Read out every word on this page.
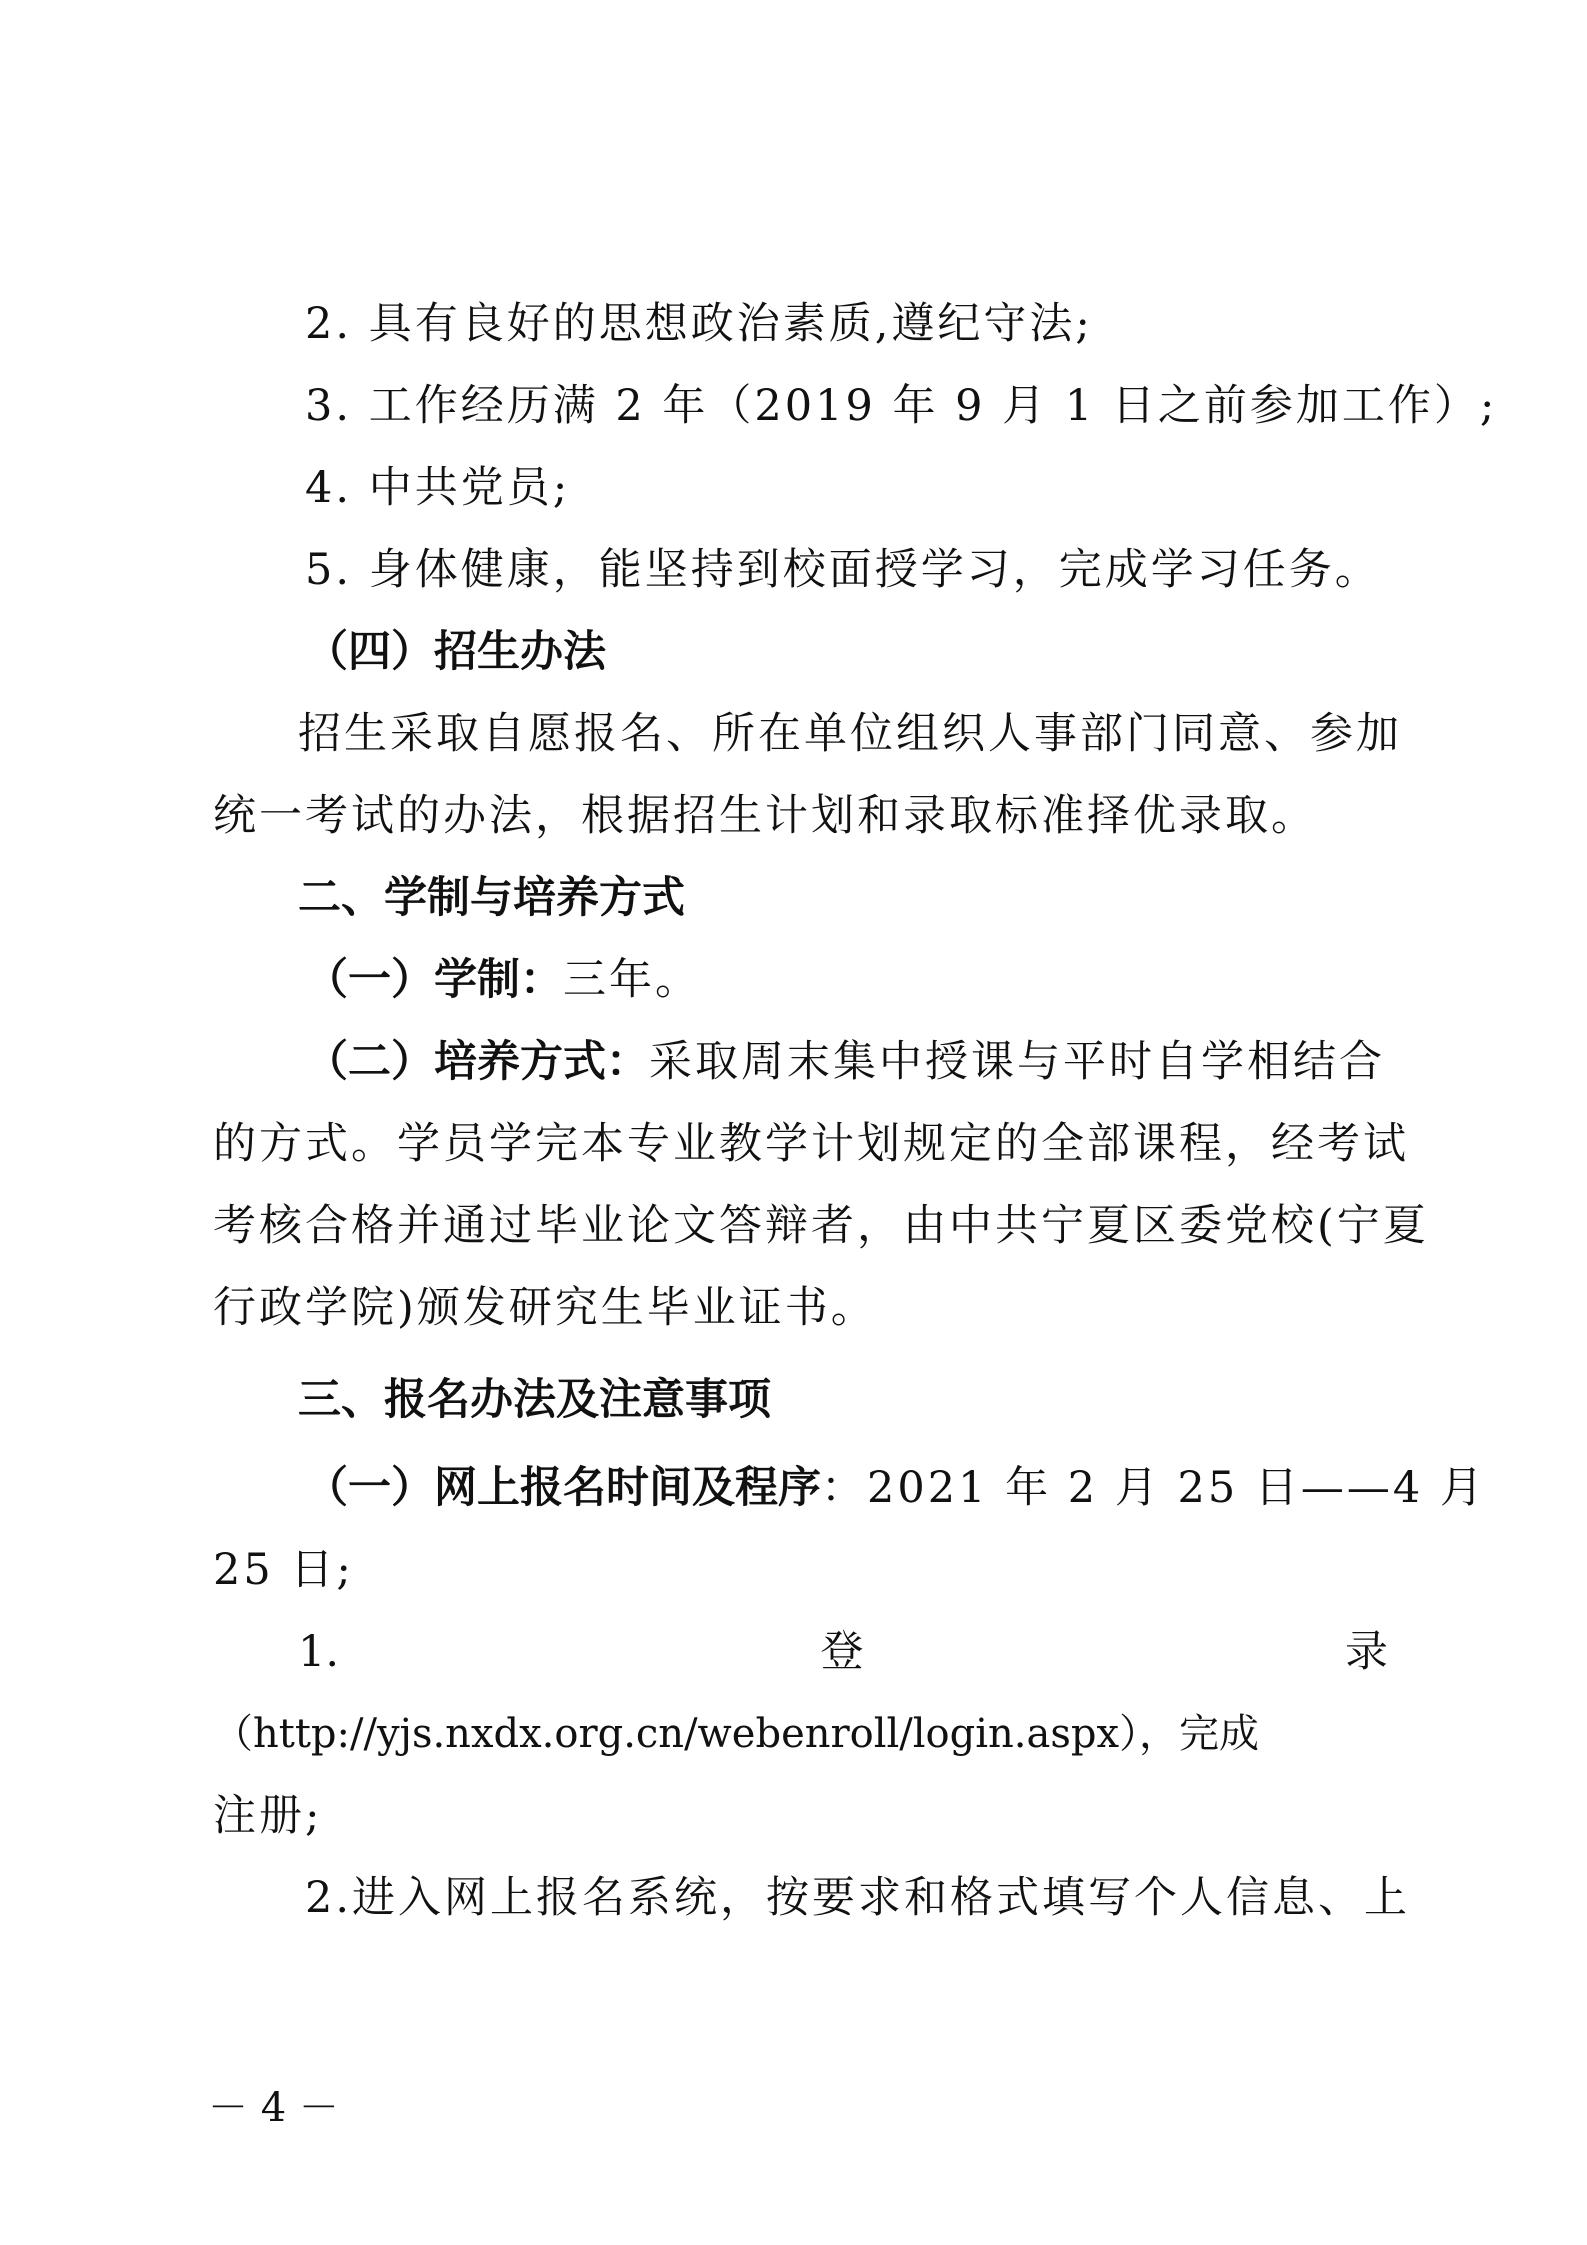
2. 具有良好的思想政治素质,遵纪守法;
3. 工作经历满 2 年（2019 年 9 月 1 日之前参加工作）;
4. 中共党员;
5. 身体健康，能坚持到校面授学习，完成学习任务。
（四）招生办法
招生采取自愿报名、所在单位组织人事部门同意、参加
统一考试的办法，根据招生计划和录取标准择优录取。
二、学制与培养方式
（一）学制：三年。
（二）培养方式：采取周末集中授课与平时自学相结合
的方式。学员学完本专业教学计划规定的全部课程，经考试
考核合格并通过毕业论文答辩者，由中共宁夏区委党校(宁夏
行政学院)颁发研究生毕业证书。
三、报名办法及注意事项
（一）网上报名时间及程序：2021 年 2 月 25 日——4 月
25 日;
1.	登	录
（http://yjs.nxdx.org.cn/webenroll/login.aspx），完成
注册;
2.进入网上报名系统，按要求和格式填写个人信息、上
－ 4 －
